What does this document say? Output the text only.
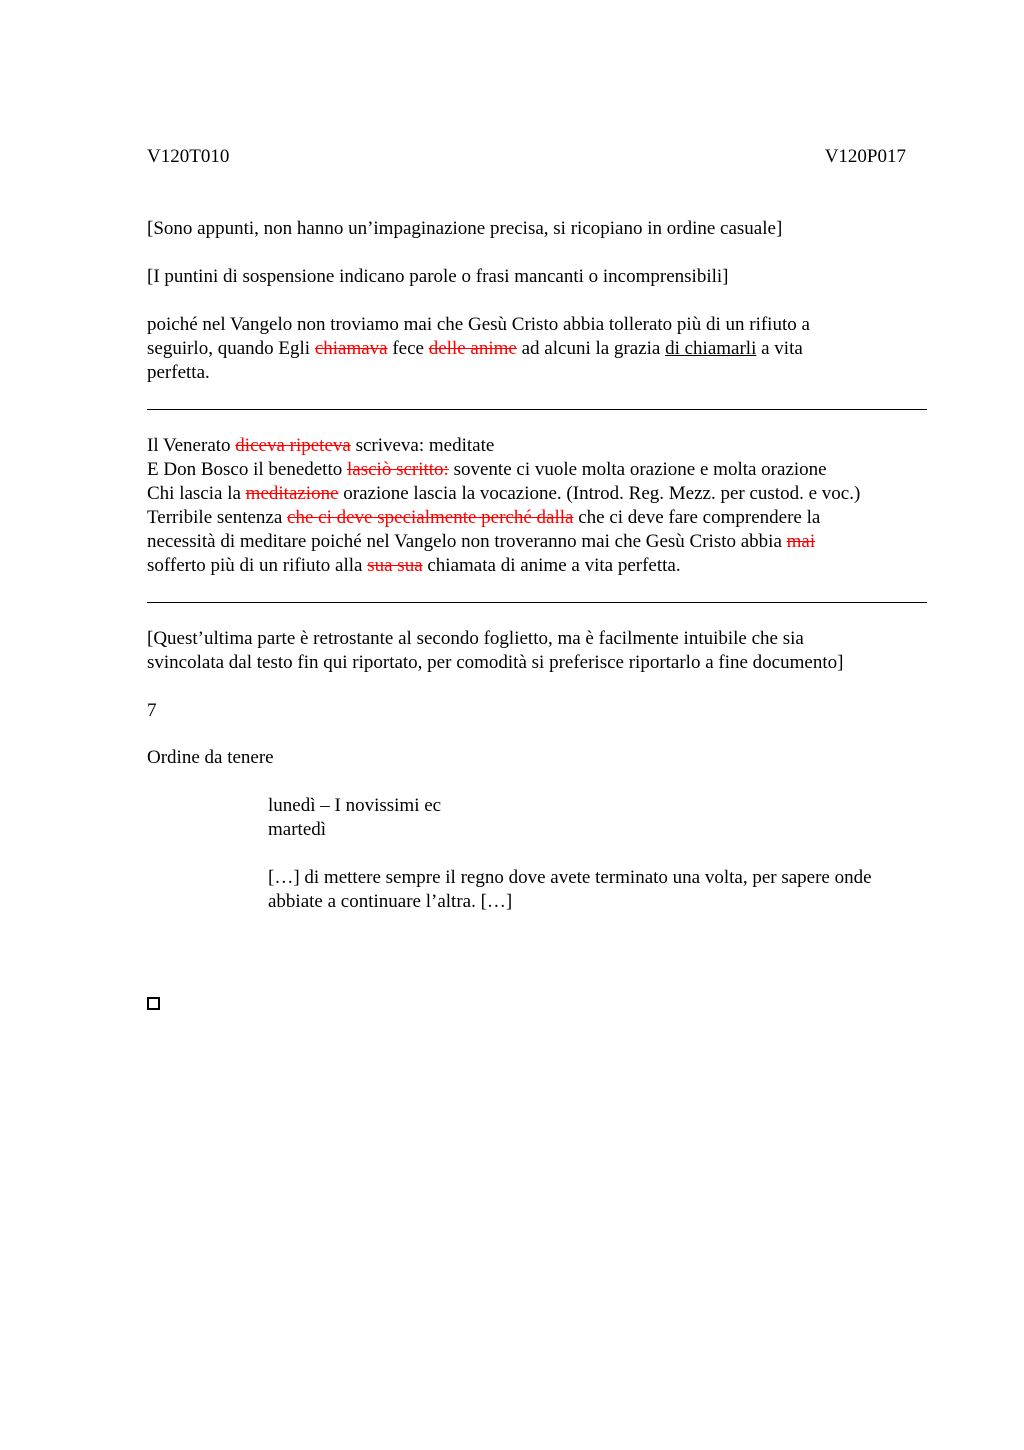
V120T010	V120P017
[Sono appunti, non hanno un’impaginazione precisa, si ricopiano in ordine casuale]
[I puntini di sospensione indicano parole o frasi mancanti o incomprensibili]
poiché nel Vangelo non troviamo mai che Gesù Cristo abbia tollerato più di un rifiuto a
seguirlo, quando Egli chiamava fece delle anime ad alcuni la grazia di chiamarli a vita
perfetta.
Il Venerato diceva ripeteva scriveva: meditate
E Don Bosco il benedetto lasciò scritto: sovente ci vuole molta orazione e molta orazione
Chi lascia la meditazione orazione lascia la vocazione. (Introd. Reg. Mezz. per custod. e voc.)
Terribile sentenza che ci deve specialmente perché dalla che ci deve fare comprendere la
necessità di meditare poiché nel Vangelo non troveranno mai che Gesù Cristo abbia mai
sofferto più di un rifiuto alla sua sua chiamata di anime a vita perfetta.
[Quest’ultima parte è retrostante al secondo foglietto, ma è facilmente intuibile che sia
svincolata dal testo fin qui riportato, per comodità si preferisce riportarlo a fine documento]
7
Ordine da tenere
lunedì – I novissimi ec
martedì
[…] di mettere sempre il regno dove avete terminato una volta, per sapere onde
abbiate a continuare l’altra. […]
